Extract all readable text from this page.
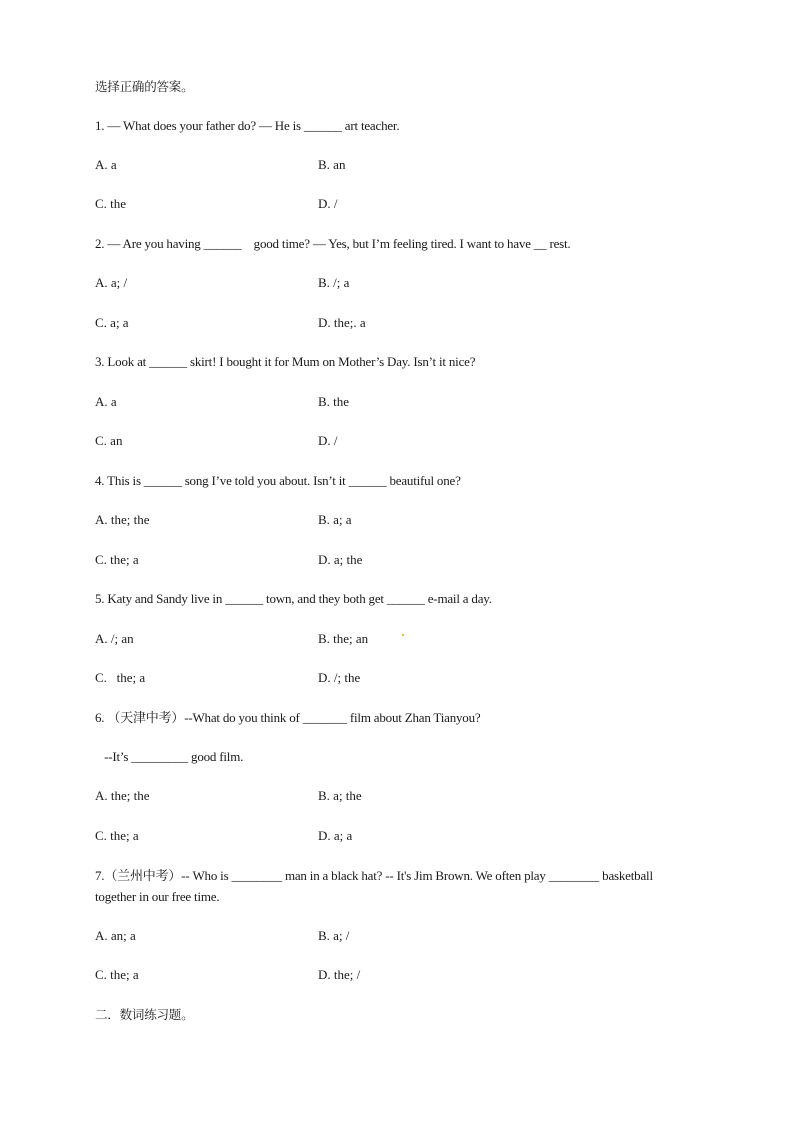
选择正确的答案。
1. ― What does your father do? ― He is ______ art teacher.
A. a	B. an
C. the	D. /
2. ― Are you having ______    good time? ― Yes, but I’m feeling tired. I want to have __ rest.
A. a; /	B. /; a
C. a; a	D. the;. a
3. Look at ______ skirt! I bought it for Mum on Mother’s Day. Isn’t it nice?
A. a	B. the
C. an	D. /
4. This is ______ song I’ve told you about. Isn’t it ______ beautiful one?
A. the; the	B. a; a
C. the; a	D. a; the
5. Katy and Sandy live in ______ town, and they both get ______ e-mail a day.
A. /; an	B. the; an
C.   the; a	D. /; the
6. （天津中考）--What do you think of _______ film about Zhan Tianyou?
--It’s _________ good film.
A. the; the	B. a; the
C. the; a	D. a; a
7.（兰州中考）-- Who is ________ man in a black hat? -- It's Jim Brown. We often play ________ basketball together in our free time.
A. an; a	B. a; /
C. the; a	D. the; /
二．数词练习题。
